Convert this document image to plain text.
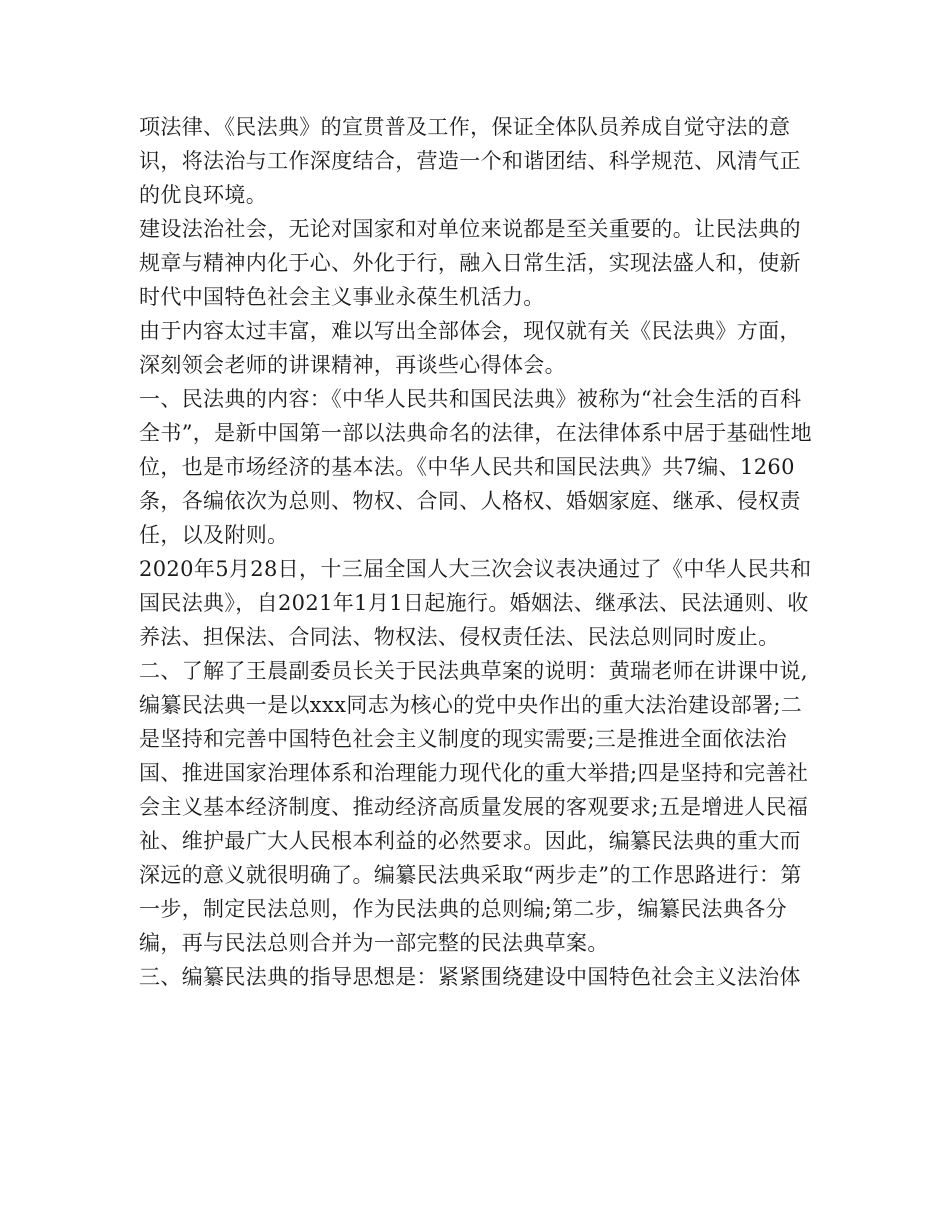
项法律、《民法典》的宣贯普及工作，保证全体队员养成自觉守法的意识，将法治与工作深度结合，营造一个和谐团结、科学规范、风清气正的优良环境。

建设法治社会，无论对国家和对单位来说都是至关重要的。让民法典的规章与精神内化于心、外化于行，融入日常生活，实现法盛人和，使新时代中国特色社会主义事业永葆生机活力。

由于内容太过丰富，难以写出全部体会，现仅就有关《民法典》方面，深刻领会老师的讲课精神，再谈些心得体会。

一、民法典的内容：《中华人民共和国民法典》被称为“社会生活的百科全书”，是新中国第一部以法典命名的法律，在法律体系中居于基础性地位，也是市场经济的基本法。《中华人民共和国民法典》共7编、1260条，各编依次为总则、物权、合同、人格权、婚姻家庭、继承、侵权责任，以及附则。

2020年5月28日，十三届全国人大三次会议表决通过了《中华人民共和国民法典》，自2021年1月1日起施行。婚姻法、继承法、民法通则、收养法、担保法、合同法、物权法、侵权责任法、民法总则同时废止。

二、了解了王晨副委员长关于民法典草案的说明：黄瑞老师在讲课中说,编纂民法典一是以xxx同志为核心的党中央作出的重大法治建设部署;二是坚持和完善中国特色社会主义制度的现实需要;三是推进全面依法治国、推进国家治理体系和治理能力现代化的重大举措;四是坚持和完善社会主义基本经济制度、推动经济高质量发展的客观要求;五是增进人民福祉、维护最广大人民根本利益的必然要求。因此，编纂民法典的重大而深远的意义就很明确了。编纂民法典采取“两步走”的工作思路进行：第一步，制定民法总则，作为民法典的总则编;第二步，编纂民法典各分编，再与民法总则合并为一部完整的民法典草案。

三、编纂民法典的指导思想是：紧紧围绕建设中国特色社会主义法治体
